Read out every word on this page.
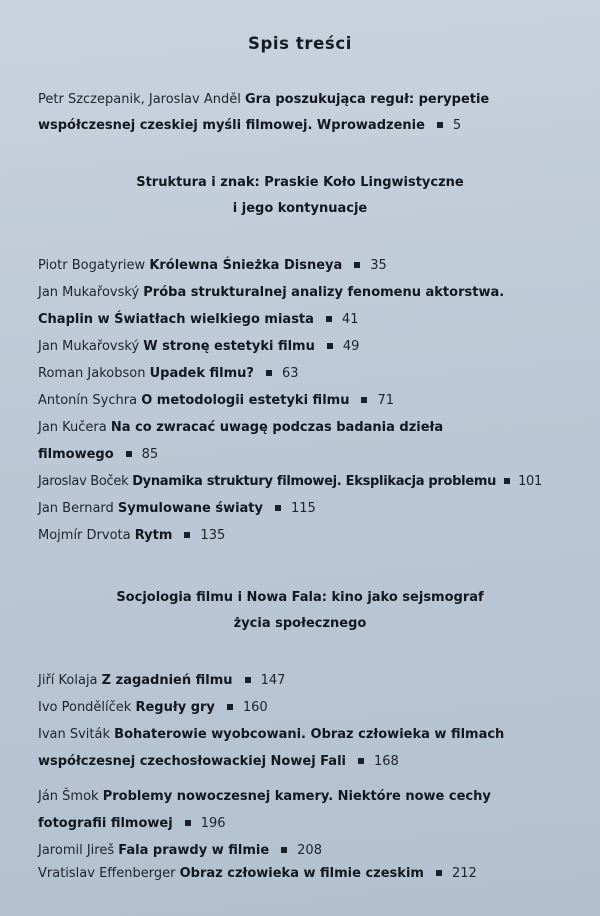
Spis treści
Petr Szczepanik, Jaroslav Anděl Gra poszukująca reguł: perypetie
współczesnej czeskiej myśli filmowej. Wprowadzenie 5
Struktura i znak: Praskie Koło Lingwistyczne
i jego kontynuacje
Piotr Bogatyriew Królewna Śnieżka Disneya 35
Jan Mukařovský Próba strukturalnej analizy fenomenu aktorstwa.
Chaplin w Światłach wielkiego miasta 41
Jan Mukařovský W stronę estetyki filmu 49
Roman Jakobson Upadek filmu? 63
Antonín Sychra O metodologii estetyki filmu 71
Jan Kučera Na co zwracać uwagę podczas badania dzieła
filmowego 85
Jaroslav Boček Dynamika struktury filmowej. Eksplikacja problemu 101
Jan Bernard Symulowane światy 115
Mojmír Drvota Rytm 135
Socjologia filmu i Nowa Fala: kino jako sejsmograf
życia społecznego
Jiří Kolaja Z zagadnień filmu 147
Ivo Pondělíček Reguły gry 160
Ivan Sviták Bohaterowie wyobcowani. Obraz człowieka w filmach
współczesnej czechosłowackiej Nowej Fali 168
Ján Šmok Problemy nowoczesnej kamery. Niektóre nowe cechy
fotografii filmowej 196
Jaromil Jireš Fala prawdy w filmie 208
Vratislav Effenberger Obraz człowieka w filmie czeskim 212
